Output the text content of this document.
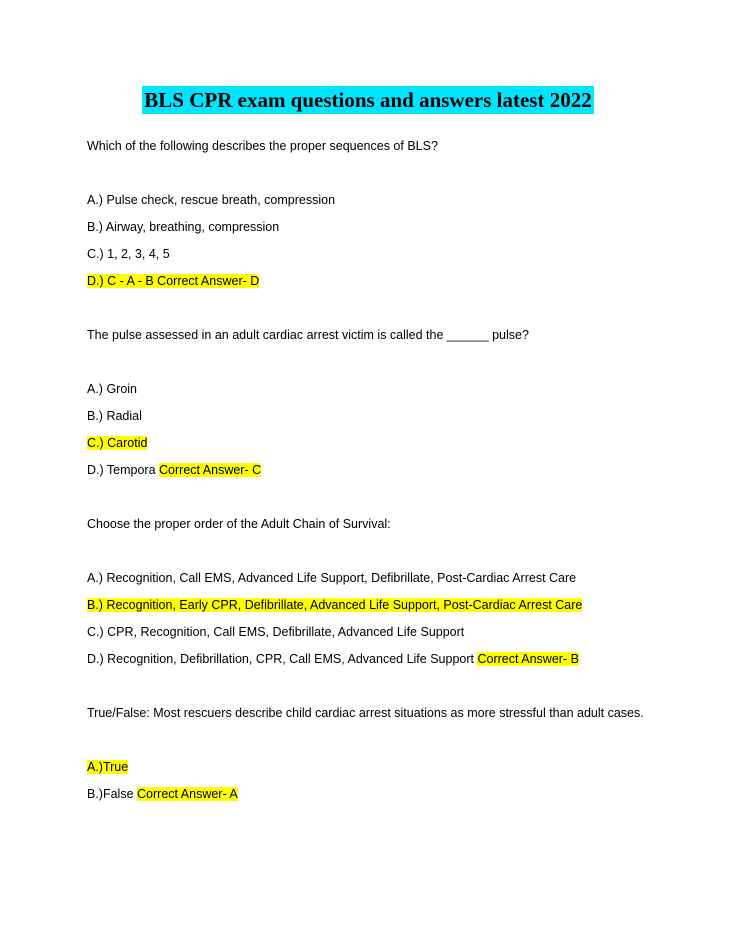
BLS CPR exam questions and answers latest 2022
Which of the following describes the proper sequences of BLS?
A.) Pulse check, rescue breath, compression
B.) Airway, breathing, compression
C.) 1, 2, 3, 4, 5
D.) C - A - B Correct Answer- D
The pulse assessed in an adult cardiac arrest victim is called the ______ pulse?
A.) Groin
B.) Radial
C.) Carotid
D.) Tempora Correct Answer- C
Choose the proper order of the Adult Chain of Survival:
A.) Recognition, Call EMS, Advanced Life Support, Defibrillate, Post-Cardiac Arrest Care
B.) Recognition, Early CPR, Defibrillate, Advanced Life Support, Post-Cardiac Arrest Care
C.) CPR, Recognition, Call EMS, Defibrillate, Advanced Life Support
D.) Recognition, Defibrillation, CPR, Call EMS, Advanced Life Support Correct Answer- B
True/False: Most rescuers describe child cardiac arrest situations as more stressful than adult cases.
A.)True
B.)False Correct Answer- A
